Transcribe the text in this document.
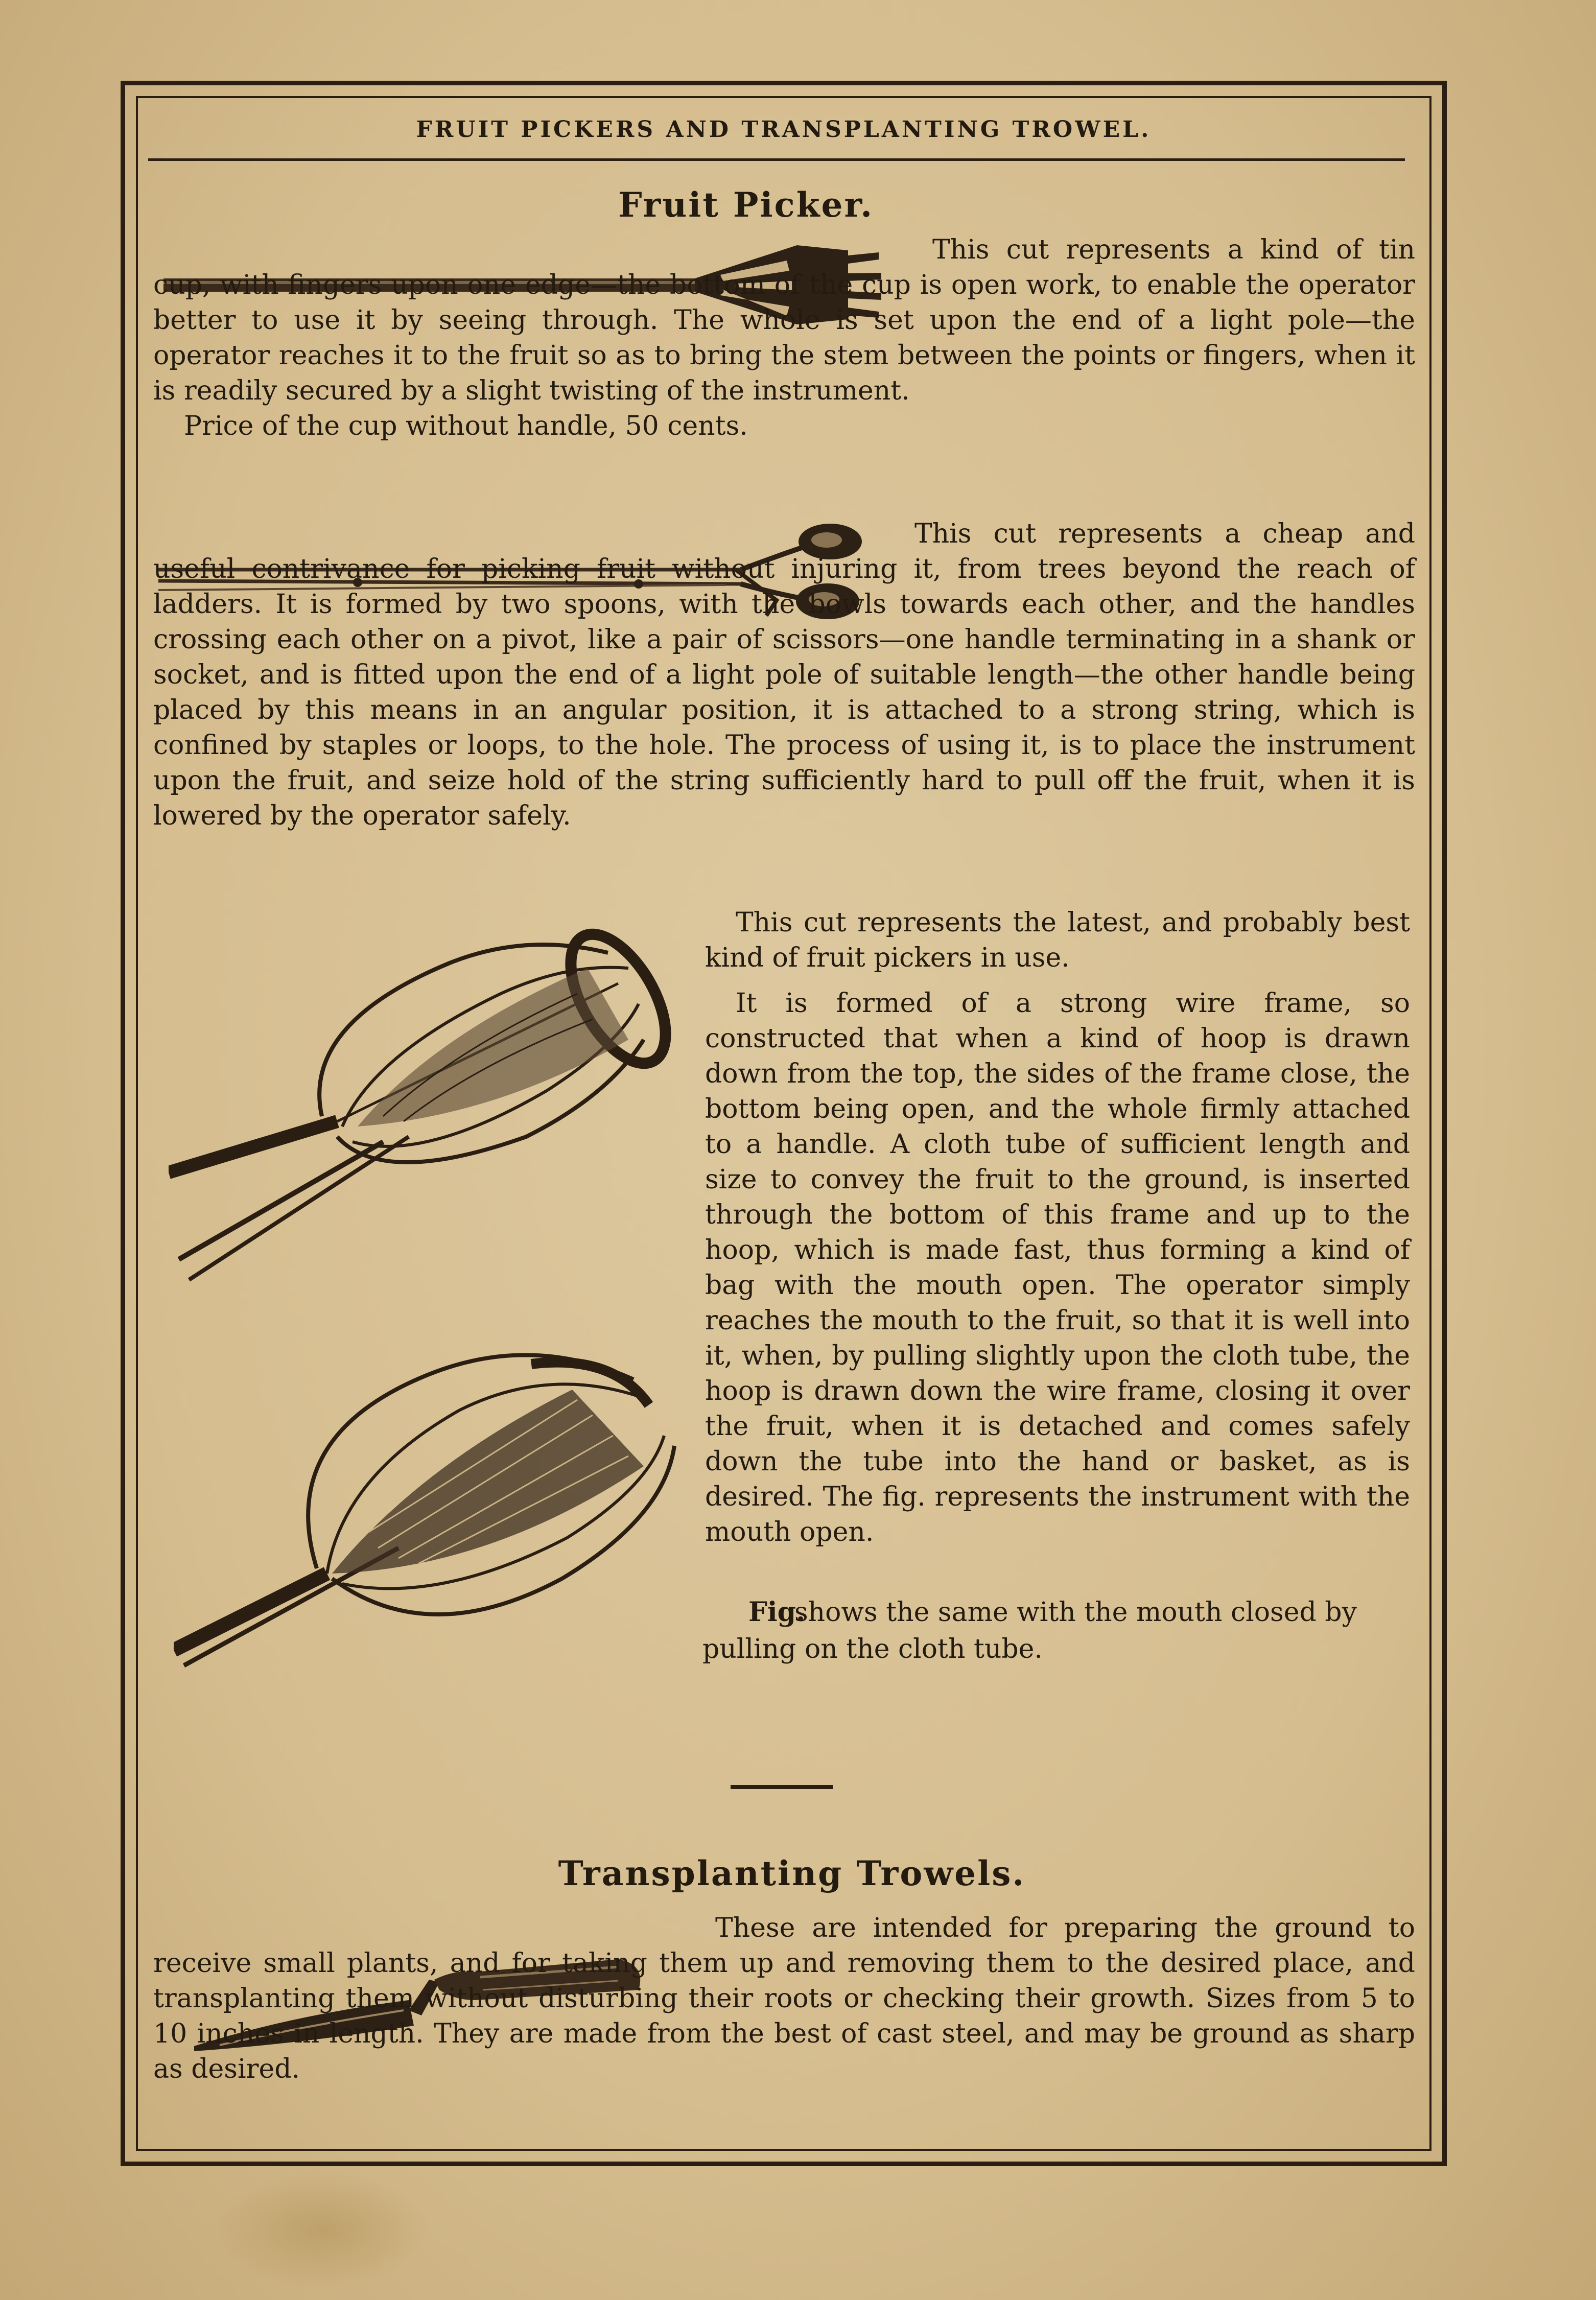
FRUIT PICKERS AND TRANSPLANTING TROWEL.
Fruit Picker.

This cut represents a kind of tin cup, with fingers upon one edge—the bottom of the cup is open work, to enable the operator better to use it by seeing through. The whole is set upon the end of a light pole—the operator reaches it to the fruit so as to bring the stem between the points or fingers, when it is readily secured by a slight twisting of the instrument.

Price of the cup without handle, 50 cents.

This cut represents a cheap and useful contrivance for picking fruit without injuring it, from trees beyond the reach of ladders. It is formed by two spoons, with the bowls towards each other, and the handles crossing each other on a pivot, like a pair of scissors—one handle terminating in a shank or socket, and is fitted upon the end of a light pole of suitable length—the other handle being placed by this means in an angular position, it is attached to a strong string, which is confined by staples or loops, to the hole. The process of using it, is to place the instrument upon the fruit, and seize hold of the string sufficiently hard to pull off the fruit, when it is lowered by the operator safely.

This cut represents the latest, and probably best kind of fruit pickers in use.

It is formed of a strong wire frame, so constructed that when a kind of hoop is drawn down from the top, the sides of the frame close, the bottom being open, and the whole firmly attached to a handle. A cloth tube of sufficient length and size to convey the fruit to the ground, is inserted through the bottom of this frame and up to the hoop, which is made fast, thus forming a kind of bag with the mouth open. The operator simply reaches the mouth to the fruit, so that it is well into it, when, by pulling slightly upon the cloth tube, the hoop is drawn down the wire frame, closing it over the fruit, when it is detached and comes safely down the tube into the hand or basket, as is desired. The fig. represents the instrument with the mouth open.

Fig.shows the same with the mouth closed by pulling on the cloth tube.
Transplanting Trowels.

These are intended for preparing the ground to receive small plants, and for taking them up and removing them to the desired place, and transplanting them without disturbing their roots or checking their growth. Sizes from 5 to 10 inches in length. They are made from the best of cast steel, and may be ground as sharp as desired.
